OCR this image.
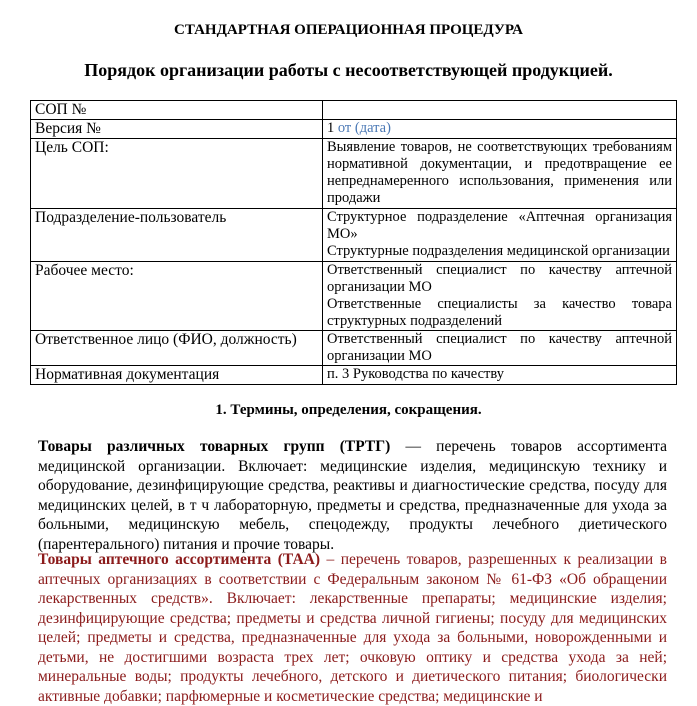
СТАНДАРТНАЯ ОПЕРАЦИОННАЯ ПРОЦЕДУРА
Порядок организации работы с несоответствующей продукцией.
СОП №	
Версия №	1 от (дата)
Цель СОП:	Выявление товаров, не соответствующих требованиям нормативной документации, и предотвращение ее непреднамеренного использования, применения или продажи
Подразделение-пользователь	Структурное подразделение «Аптечная организация МО»
Структурные подразделения медицинской организации

Рабочее место:	Ответственный специалист по качеству аптечной организации МО
Ответственные специалисты за качество товара структурных подразделений

Ответственное лицо (ФИО, должность)	Ответственный специалист по качеству аптечной организации МО
Нормативная документация	п. 3 Руководства по качеству
1. Термины, определения, сокращения.
Товары различных товарных групп (ТРТГ) — перечень товаров ассортимента медицинской организации. Включает: медицинские изделия, медицинскую технику и оборудование, дезинфицирующие средства, реактивы и диагностические средства, посуду для медицинских целей, в т ч лабораторную, предметы и средства, предназначенные для ухода за больными, медицинскую мебель, спецодежду, продукты лечебного диетического (парентерального) питания и прочие товары.
Товары аптечного ассортимента (ТАА) – перечень товаров, разрешенных к реализации в аптечных организациях в соответствии с Федеральным законом № 61-ФЗ «Об обращении лекарственных средств». Включает: лекарственные препараты; медицинские изделия; дезинфицирующие средства; предметы и средства личной гигиены; посуду для медицинских целей; предметы и средства, предназначенные для ухода за больными, новорожденными и детьми, не достигшими возраста трех лет; очковую оптику и средства ухода за ней; минеральные воды; продукты лечебного, детского и диетического питания; биологически активные добавки; парфюмерные и косметические средства; медицинские и
